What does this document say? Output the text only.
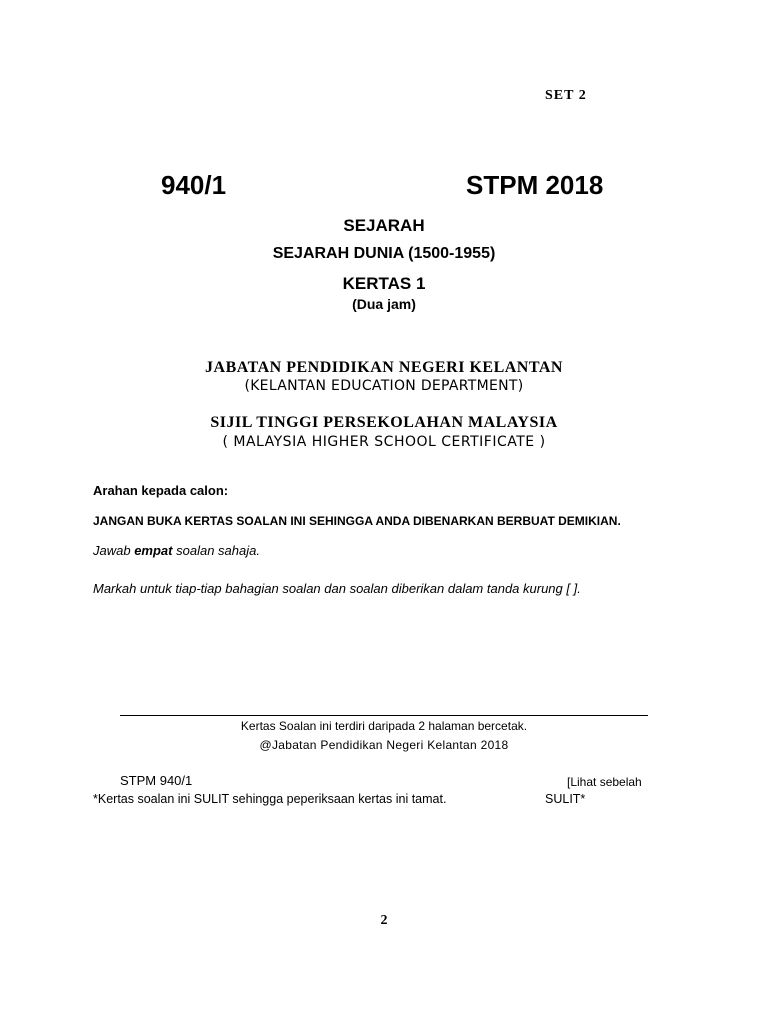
SET 2
940/1	STPM 2018
SEJARAH
SEJARAH DUNIA (1500-1955)
KERTAS 1
(Dua jam)
JABATAN PENDIDIKAN NEGERI KELANTAN
(KELANTAN EDUCATION DEPARTMENT)
SIJIL TINGGI PERSEKOLAHAN MALAYSIA
( MALAYSIA HIGHER SCHOOL CERTIFICATE )
Arahan kepada calon:
JANGAN BUKA KERTAS SOALAN INI SEHINGGA ANDA DIBENARKAN BERBUAT DEMIKIAN.
Jawab empat soalan sahaja.
Markah untuk tiap-tiap bahagian soalan dan soalan diberikan dalam tanda kurung [ ].
Kertas Soalan ini terdiri daripada 2 halaman bercetak.
@Jabatan Pendidikan Negeri Kelantan 2018
STPM 940/1	[Lihat sebelah
*Kertas soalan ini SULIT sehingga peperiksaan kertas ini tamat.	SULIT*
2
